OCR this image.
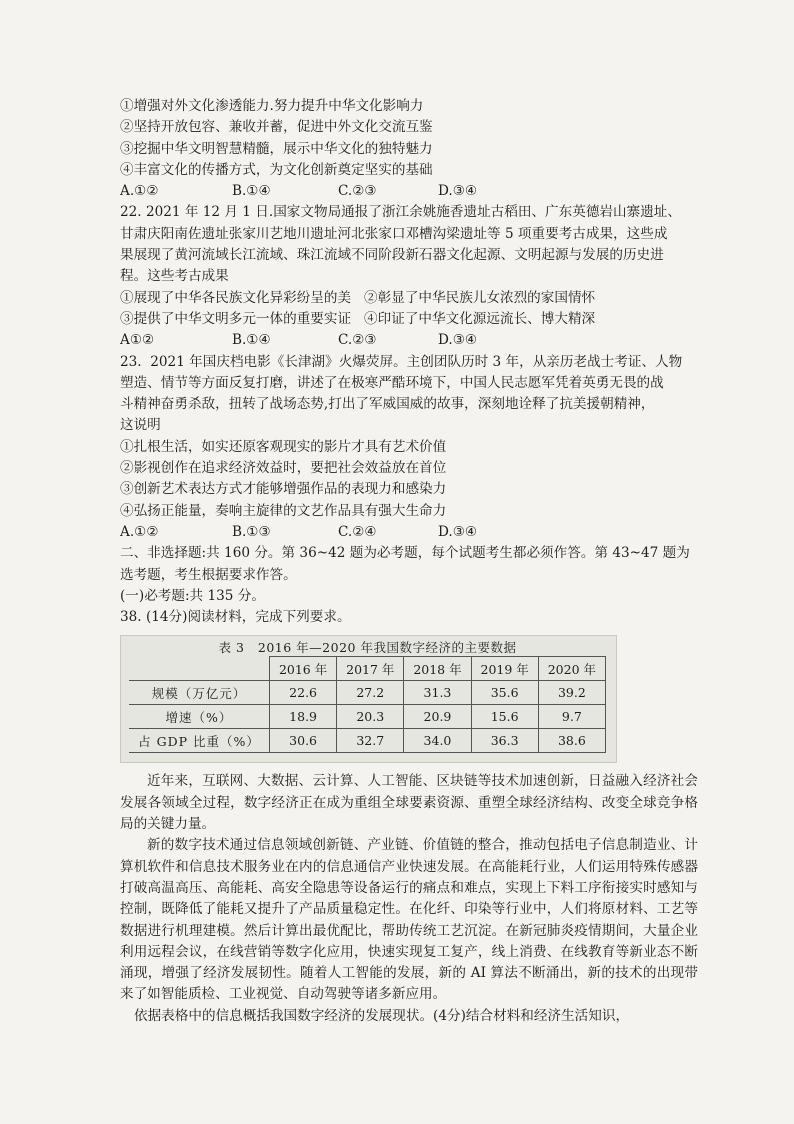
①增强对外文化渗透能力.努力提升中华文化影响力
②坚持开放包容、兼收并蓄，促进中外文化交流互鉴
③挖掘中华文明智慧精髓，展示中华文化的独特魅力
④丰富文化的传播方式，为文化创新奠定坚实的基础
A.①②	B.①④	C.②③	D.③④
22. 2021 年 12 月 1 日.国家文物局通报了浙江余姚施香遗址古稻田、广东英德岩山寨遗址、
甘肃庆阳南佐遗址张家川艺地川遗址河北张家口邓槽沟梁遗址等 5 项重要考古成果，这些成
果展现了黄河流域长江流域、珠江流域不同阶段新石器文化起源、文明起源与发展的历史进
程。这些考古成果
①展现了中华各民族文化异彩纷呈的美   ②彰显了中华民族儿女浓烈的家国情怀
③提供了中华文明多元一体的重要实证   ④印证了中华文化源远流长、博大精深
A①②	B.①④	C.②③	D.③④
23.  2021 年国庆档电影《长津湖》火爆荧屏。主创团队历时 3 年，从亲历老战士考证、人物
塑造、情节等方面反复打磨，讲述了在极寒严酷环境下，中国人民志愿军凭着英勇无畏的战
斗精神奋勇杀敌，扭转了战场态势,打出了军威国威的故事，深刻地诠释了抗美援朝精神，
这说明
①扎根生活，如实还原客观现实的影片才具有艺术价值
②影视创作在追求经济效益时，要把社会效益放在首位
③创新艺术表达方式才能够增强作品的表现力和感染力
④弘扬正能量，奏响主旋律的文艺作品具有强大生命力
A.①②	B.①③	C.②④	D.③④
二、非选择题:共 160 分。第 36~42 题为必考题，每个试题考生都必须作答。第 43~47 题为
选考题，考生根据要求作答。
(一)必考题:共 135 分。
38. (14分)阅读材料，完成下列要求。
表 3   2016 年—2020 年我国数字经济的主要数据
	2016 年	2017 年	2018 年	2019 年	2020 年
规模（万亿元）	22.6	27.2	31.3	35.6	39.2
增速（%）	18.9	20.3	20.9	15.6	9.7
占 GDP 比重（%）	30.6	32.7	34.0	36.3	38.6
近年来，互联网、大数据、云计算、人工智能、区块链等技术加速创新，日益融入经济社会发展各领域全过程，数字经济正在成为重组全球要素资源、重塑全球经济结构、改变全球竞争格局的关键力量。
新的数字技术通过信息领域创新链、产业链、价值链的整合，推动包括电子信息制造业、计算机软件和信息技术服务业在内的信息通信产业快速发展。在高能耗行业，人们运用特殊传感器打破高温高压、高能耗、高安全隐患等设备运行的痛点和难点，实现上下料工序衔接实时感知与控制，既降低了能耗又提升了产品质量稳定性。在化纤、印染等行业中，人们将原材料、工艺等数据进行机理建模。然后计算出最优配比，帮助传统工艺沉淀。在新冠肺炎疫情期间，大量企业利用远程会议，在线营销等数字化应用，快速实现复工复产，线上消费、在线教育等新业态不断涌现，增强了经济发展韧性。随着人工智能的发展，新的 AI 算法不断涌出，新的技术的出现带来了如智能质检、工业视觉、自动驾驶等诸多新应用。
依据表格中的信息概括我国数字经济的发展现状。(4分)结合材料和经济生活知识，
